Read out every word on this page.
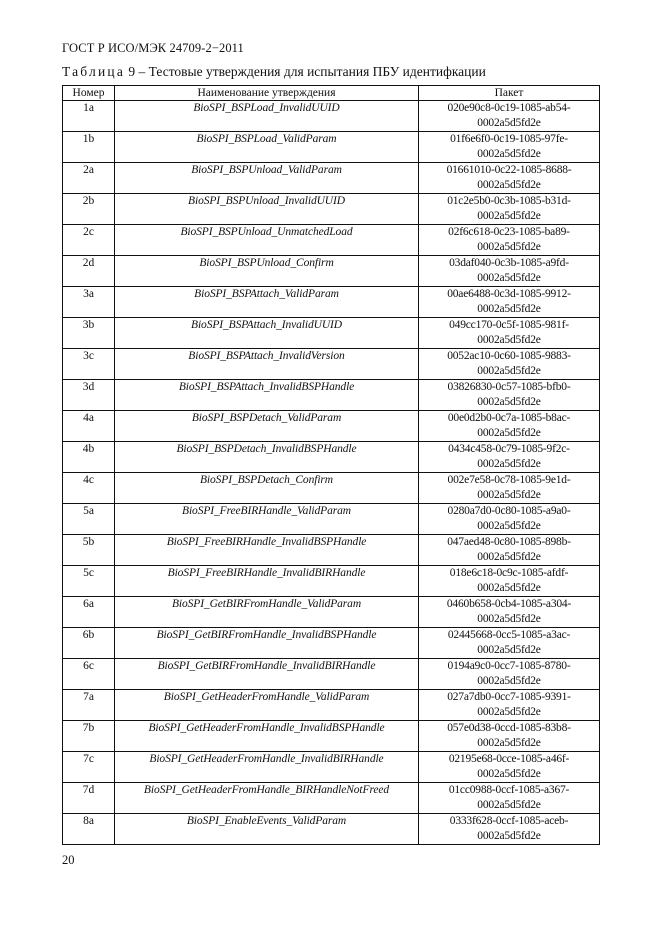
ГОСТ Р ИСО/МЭК 24709-2−2011
Таблица 9 – Тестовые утверждения для испытания ПБУ идентифкации
Номер	Наименование утверждения	Пакет
1a	BioSPI_BSPLoad_InvalidUUID	020e90c8-0c19-1085-ab54-
0002a5d5fd2e

1b	BioSPI_BSPLoad_ValidParam	01f6e6f0-0c19-1085-97fe-
0002a5d5fd2e

2a	BioSPI_BSPUnload_ValidParam	01661010-0c22-1085-8688-
0002a5d5fd2e

2b	BioSPI_BSPUnload_InvalidUUID	01c2e5b0-0c3b-1085-b31d-
0002a5d5fd2e

2c	BioSPI_BSPUnload_UnmatchedLoad	02f6c618-0c23-1085-ba89-
0002a5d5fd2e

2d	BioSPI_BSPUnload_Confirm	03daf040-0c3b-1085-a9fd-
0002a5d5fd2e

3a	BioSPI_BSPAttach_ValidParam	00ae6488-0c3d-1085-9912-
0002a5d5fd2e

3b	BioSPI_BSPAttach_InvalidUUID	049cc170-0c5f-1085-981f-
0002a5d5fd2e

3c	BioSPI_BSPAttach_InvalidVersion	0052ac10-0c60-1085-9883-
0002a5d5fd2e

3d	BioSPI_BSPAttach_InvalidBSPHandle	03826830-0c57-1085-bfb0-
0002a5d5fd2e

4a	BioSPI_BSPDetach_ValidParam	00e0d2b0-0c7a-1085-b8ac-
0002a5d5fd2e

4b	BioSPI_BSPDetach_InvalidBSPHandle	0434c458-0c79-1085-9f2c-
0002a5d5fd2e

4c	BioSPI_BSPDetach_Confirm	002e7e58-0c78-1085-9e1d-
0002a5d5fd2e

5a	BioSPI_FreeBIRHandle_ValidParam	0280a7d0-0c80-1085-a9a0-
0002a5d5fd2e

5b	BioSPI_FreeBIRHandle_InvalidBSPHandle	047aed48-0c80-1085-898b-
0002a5d5fd2e

5c	BioSPI_FreeBIRHandle_InvalidBIRHandle	018e6c18-0c9c-1085-afdf-
0002a5d5fd2e

6a	BioSPI_GetBIRFromHandle_ValidParam	0460b658-0cb4-1085-a304-
0002a5d5fd2e

6b	BioSPI_GetBIRFromHandle_InvalidBSPHandle	02445668-0cc5-1085-a3ac-
0002a5d5fd2e

6c	BioSPI_GetBIRFromHandle_InvalidBIRHandle	0194a9c0-0cc7-1085-8780-
0002a5d5fd2e

7a	BioSPI_GetHeaderFromHandle_ValidParam	027a7db0-0cc7-1085-9391-
0002a5d5fd2e

7b	BioSPI_GetHeaderFromHandle_InvalidBSPHandle	057e0d38-0ccd-1085-83b8-
0002a5d5fd2e

7c	BioSPI_GetHeaderFromHandle_InvalidBIRHandle	02195e68-0cce-1085-a46f-
0002a5d5fd2e

7d	BioSPI_GetHeaderFromHandle_BIRHandleNotFreed	01cc0988-0ccf-1085-a367-
0002a5d5fd2e

8a	BioSPI_EnableEvents_ValidParam	0333f628-0ccf-1085-aceb-
0002a5d5fd2e
20
